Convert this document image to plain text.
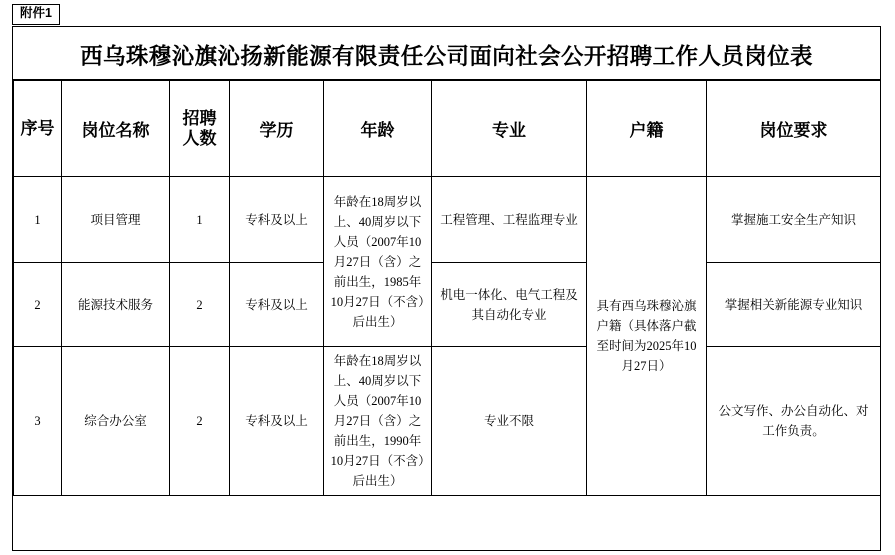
附件1
西乌珠穆沁旗沁扬新能源有限责任公司面向社会公开招聘工作人员岗位表
序号	岗位名称	招聘人数	学历	年龄	专业	户籍	岗位要求
1	项目管理	1	专科及以上	年龄在18周岁以上、40周岁以下人员（2007年10月27日（含）之前出生，1985年10月27日（不含）后出生）	工程管理、工程监理专业	具有西乌珠穆沁旗户籍（具体落户截至时间为2025年10月27日）	掌握施工安全生产知识
2	能源技术服务	2	专科及以上		机电一体化、电气工程及其自动化专业		掌握相关新能源专业知识
3	综合办公室	2	专科及以上	年龄在18周岁以上、40周岁以下人员（2007年10月27日（含）之前出生，1990年10月27日（不含）后出生）	专业不限		公文写作、办公自动化、对工作负责。
